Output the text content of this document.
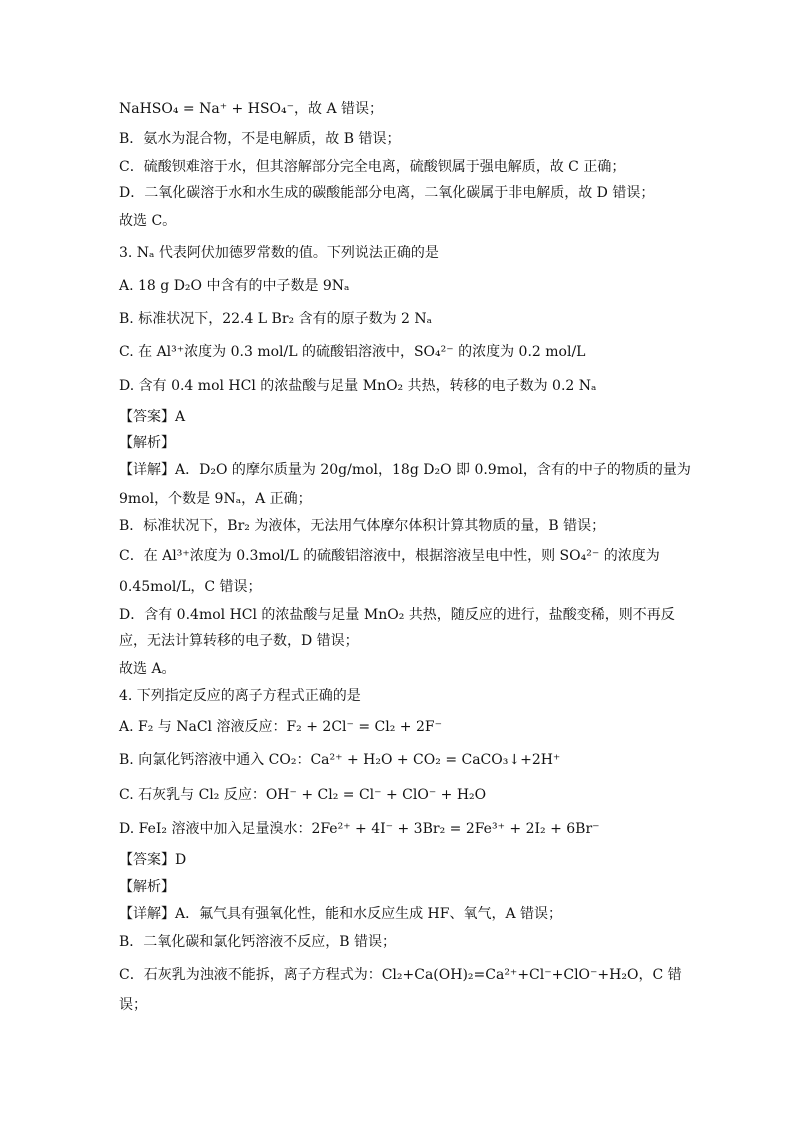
NaHSO₄ = Na⁺ + HSO₄⁻，故 A 错误；
B．氨水为混合物，不是电解质，故 B 错误；
C．硫酸钡难溶于水，但其溶解部分完全电离，硫酸钡属于强电解质，故 C 正确；
D．二氧化碳溶于水和水生成的碳酸能部分电离，二氧化碳属于非电解质，故 D 错误；
故选 C。
3. Nₐ 代表阿伏加德罗常数的值。下列说法正确的是
A. 18 g D₂O 中含有的中子数是 9Nₐ
B. 标准状况下，22.4 L Br₂ 含有的原子数为 2 Nₐ
C. 在 Al³⁺浓度为 0.3 mol/L 的硫酸铝溶液中，SO₄²⁻ 的浓度为 0.2 mol/L
D. 含有 0.4 mol HCl 的浓盐酸与足量 MnO₂ 共热，转移的电子数为 0.2 Nₐ
【答案】A
【解析】
【详解】A．D₂O 的摩尔质量为 20g/mol，18g D₂O 即 0.9mol，含有的中子的物质的量为
9mol，个数是 9Nₐ，A 正确；
B．标准状况下，Br₂ 为液体，无法用气体摩尔体积计算其物质的量，B 错误；
C．在 Al³⁺浓度为 0.3mol/L 的硫酸铝溶液中，根据溶液呈电中性，则 SO₄²⁻ 的浓度为
0.45mol/L，C 错误；
D．含有 0.4mol HCl 的浓盐酸与足量 MnO₂ 共热，随反应的进行，盐酸变稀，则不再反
应，无法计算转移的电子数，D 错误；
故选 A。
4. 下列指定反应的离子方程式正确的是
A. F₂ 与 NaCl 溶液反应：F₂ + 2Cl⁻ = Cl₂ + 2F⁻
B. 向氯化钙溶液中通入 CO₂：Ca²⁺ + H₂O + CO₂ = CaCO₃↓+2H⁺
C. 石灰乳与 Cl₂ 反应：OH⁻ + Cl₂ = Cl⁻ + ClO⁻ + H₂O
D. FeI₂ 溶液中加入足量溴水：2Fe²⁺ + 4I⁻ + 3Br₂ = 2Fe³⁺ + 2I₂ + 6Br⁻
【答案】D
【解析】
【详解】A．氟气具有强氧化性，能和水反应生成 HF、氧气，A 错误；
B．二氧化碳和氯化钙溶液不反应，B 错误；
C．石灰乳为浊液不能拆，离子方程式为：Cl₂+Ca(OH)₂=Ca²⁺+Cl⁻+ClO⁻+H₂O，C 错
误；
